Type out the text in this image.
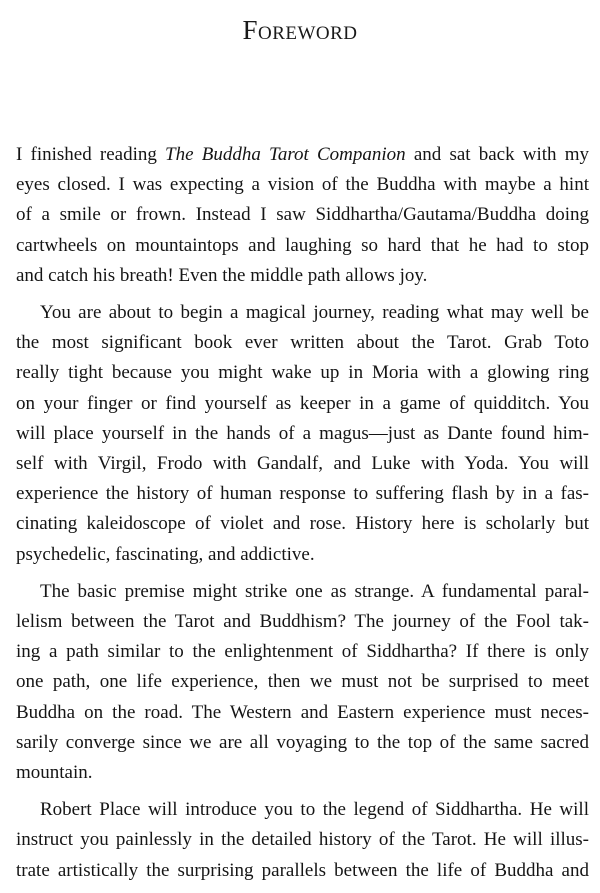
Foreword

I finished reading The Buddha Tarot Companion and sat back with my
eyes closed. I was expecting a vision of the Buddha with maybe a hint
of a smile or frown. Instead I saw Siddhartha/Gautama/Buddha doing
cartwheels on mountaintops and laughing so hard that he had to stop
and catch his breath! Even the middle path allows joy.

You are about to begin a magical journey, reading what may well be
the most significant book ever written about the Tarot. Grab Toto
really tight because you might wake up in Moria with a glowing ring
on your finger or find yourself as keeper in a game of quidditch. You
will place yourself in the hands of a magus—just as Dante found him-
self with Virgil, Frodo with Gandalf, and Luke with Yoda. You will
experience the history of human response to suffering flash by in a fas-
cinating kaleidoscope of violet and rose. History here is scholarly but
psychedelic, fascinating, and addictive.

The basic premise might strike one as strange. A fundamental paral-
lelism between the Tarot and Buddhism? The journey of the Fool tak-
ing a path similar to the enlightenment of Siddhartha? If there is only
one path, one life experience, then we must not be surprised to meet
Buddha on the road. The Western and Eastern experience must neces-
sarily converge since we are all voyaging to the top of the same sacred
mountain.

Robert Place will introduce you to the legend of Siddhartha. He will
instruct you painlessly in the detailed history of the Tarot. He will illus-
trate artistically the surprising parallels between the life of Buddha and
